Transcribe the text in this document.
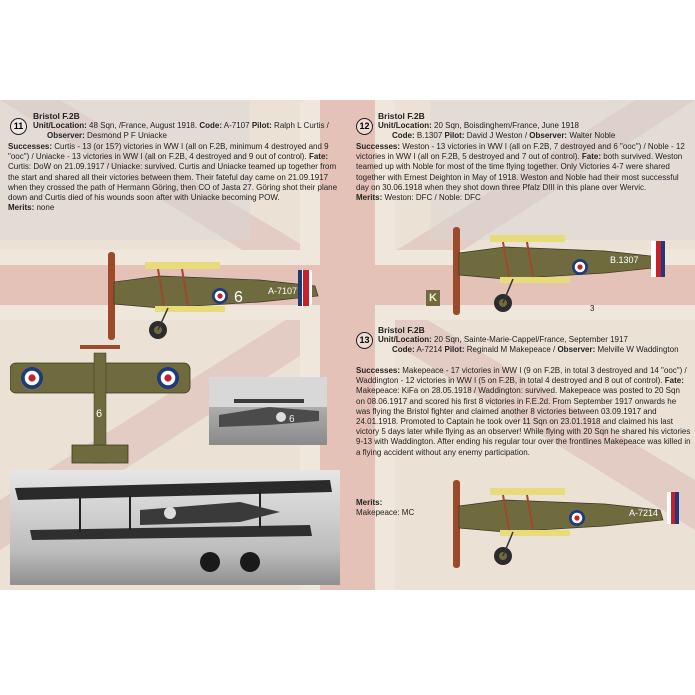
11
Bristol F.2B
Unit/Location: 48 Sqn, /France, August 1918. Code: A-7107 Pilot: Ralph L Curtis /
Observer: Desmond P F Uniacke
Successes: Curtis - 13 (or 15?) victories in WW I (all on F.2B, minimum 4 destroyed and 9 "ooc") / Uniacke - 13 victories in WW I (all on F.2B, 4 destroyed and 9 out of control). Fate: Curtis: DoW on 21.09.1917 / Uniacke: survived. Curtis and Uniacke teamed up together from the start and shared all their victories between them. Their fateful day came on 21.09.1917 when they crossed the path of Hermann Göring, then CO of Jasta 27. Göring shot their plane down and Curtis died of his wounds soon after with Uniacke becoming POW.
Merits: none
12
Bristol F.2B
Unit/Location: 20 Sqn, Boisdinghem/France, June 1918
Code: B.1307 Pilot: David J Weston / Observer: Walter Noble
Successes: Weston - 13 victories in WW I (all on F.2B, 7 destroyed and 6 "ooc") / Noble - 12 victories in WW I (all on F.2B, 5 destroyed and 7 out of control). Fate: both survived. Weston teamed up with Noble for most of the time flying together. Only Victories 4-7 were shared together with Ernest Deighton in May of 1918. Weston and Noble had their most successful day on 30.06.1918 when they shot down three Pfalz DIII in this plane over Wervic.
Merits: Weston: DFC / Noble: DFC
13
Bristol F.2B
Unit/Location: 20 Sqn, Sainte-Marie-Cappel/France, September 1917
Code: A-7214 Pilot: Reginald M Makepeace / Observer: Melville W Waddington
Successes: Makepeace - 17 victories in WW I (9 on F.2B, in total 3 destroyed and 14 "ooc") / Waddington - 12 victories in WW I (5 on F.2B, in total 4 destroyed and 8 out of control). Fate: Makepeace: KiFa on 28.05.1918 / Waddington: survived. Makepeace was posted to 20 Sqn on 08.06.1917 and scored his first 8 victories in F.E.2d. From September 1917 onwards he was flying the Bristol fighter and claimed another 8 victories between 03.09.1917 and 24.01.1918. Promoted to Captain he took over 11 Sqn on 23.01.1918 and claimed his last victory 5 days later while flying as an observer! While flying with 20 Sqn he shared his victories 9-13 with Waddington. After ending his regular tour over the frontlines Makepeace was killed in a flying accident without any enemy participation.
Merits:
Makepeace: MC
6	A-7107
6	6
B.1307
3
K
A-7214
